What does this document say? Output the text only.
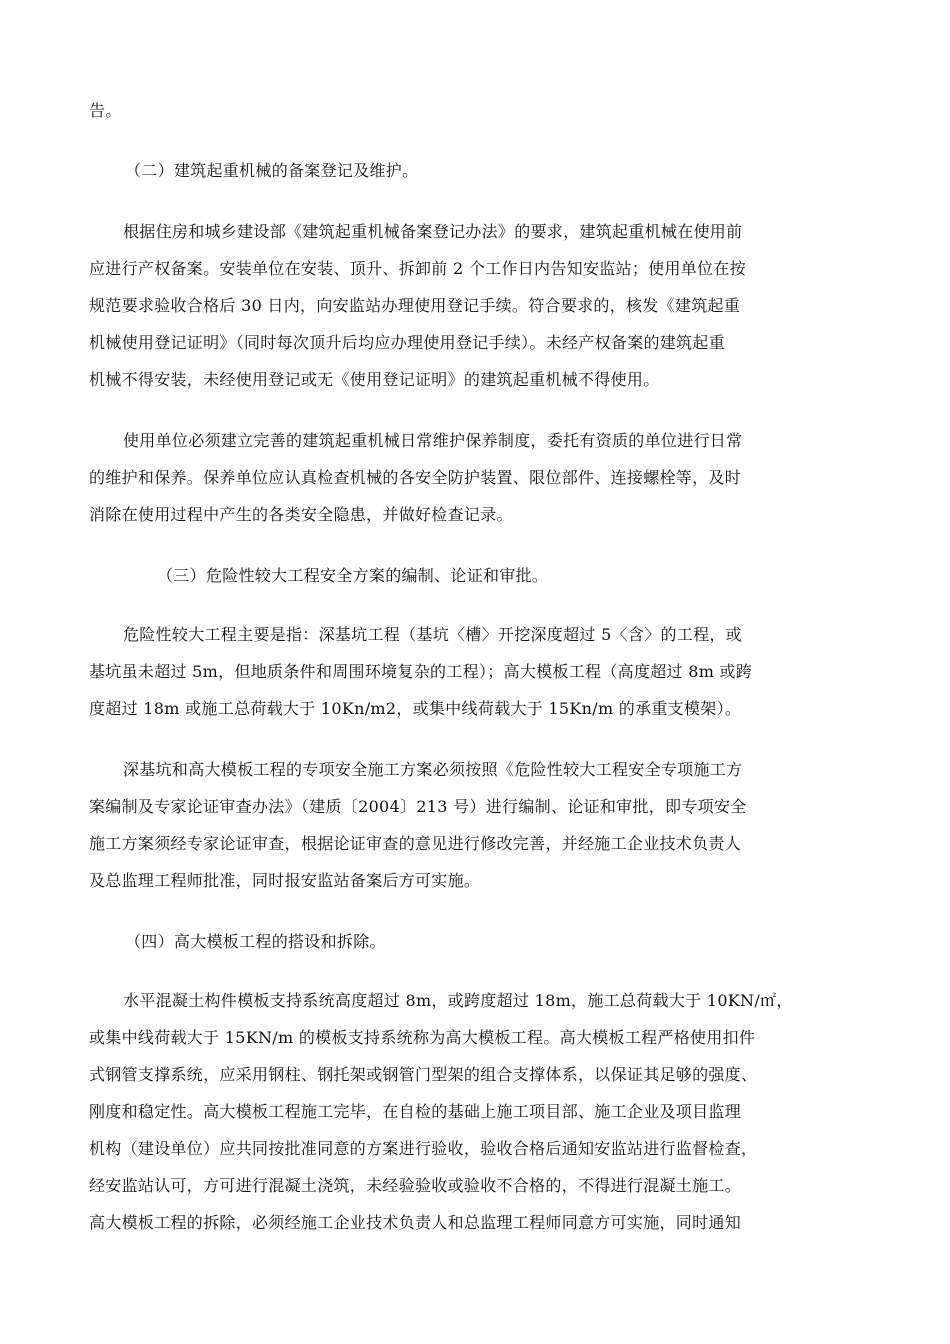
告。
（二）建筑起重机械的备案登记及维护。
根据住房和城乡建设部《建筑起重机械备案登记办法》的要求，建筑起重机械在使用前
应进行产权备案。安装单位在安装、顶升、拆卸前 2 个工作日内告知安监站；使用单位在按
规范要求验收合格后 30 日内，向安监站办理使用登记手续。符合要求的，核发《建筑起重
机械使用登记证明》（同时每次顶升后均应办理使用登记手续）。未经产权备案的建筑起重
机械不得安装，未经使用登记或无《使用登记证明》的建筑起重机械不得使用。
使用单位必须建立完善的建筑起重机械日常维护保养制度，委托有资质的单位进行日常
的维护和保养。保养单位应认真检查机械的各安全防护装置、限位部件、连接螺栓等，及时
消除在使用过程中产生的各类安全隐患，并做好检查记录。
（三）危险性较大工程安全方案的编制、论证和审批。
危险性较大工程主要是指：深基坑工程（基坑〈槽〉开挖深度超过 5〈含〉的工程，或
基坑虽未超过 5m，但地质条件和周围环境复杂的工程）；高大模板工程（高度超过 8m 或跨
度超过 18m 或施工总荷载大于 10Kn/m2，或集中线荷载大于 15Kn/m 的承重支模架）。
深基坑和高大模板工程的专项安全施工方案必须按照《危险性较大工程安全专项施工方
案编制及专家论证审查办法》（建质〔2004〕213 号）进行编制、论证和审批，即专项安全
施工方案须经专家论证审查，根据论证审查的意见进行修改完善，并经施工企业技术负责人
及总监理工程师批准，同时报安监站备案后方可实施。
（四）高大模板工程的搭设和拆除。
水平混凝土构件模板支持系统高度超过 8m，或跨度超过 18m，施工总荷载大于 10KN/㎡，
或集中线荷载大于 15KN/m 的模板支持系统称为高大模板工程。高大模板工程严格使用扣件
式钢管支撑系统，应采用钢柱、钢托架或钢管门型架的组合支撑体系，以保证其足够的强度、
刚度和稳定性。高大模板工程施工完毕，在自检的基础上施工项目部、施工企业及项目监理
机构（建设单位）应共同按批准同意的方案进行验收，验收合格后通知安监站进行监督检查，
经安监站认可，方可进行混凝土浇筑，未经验验收或验收不合格的，不得进行混凝土施工。
高大模板工程的拆除，必须经施工企业技术负责人和总监理工程师同意方可实施，同时通知
